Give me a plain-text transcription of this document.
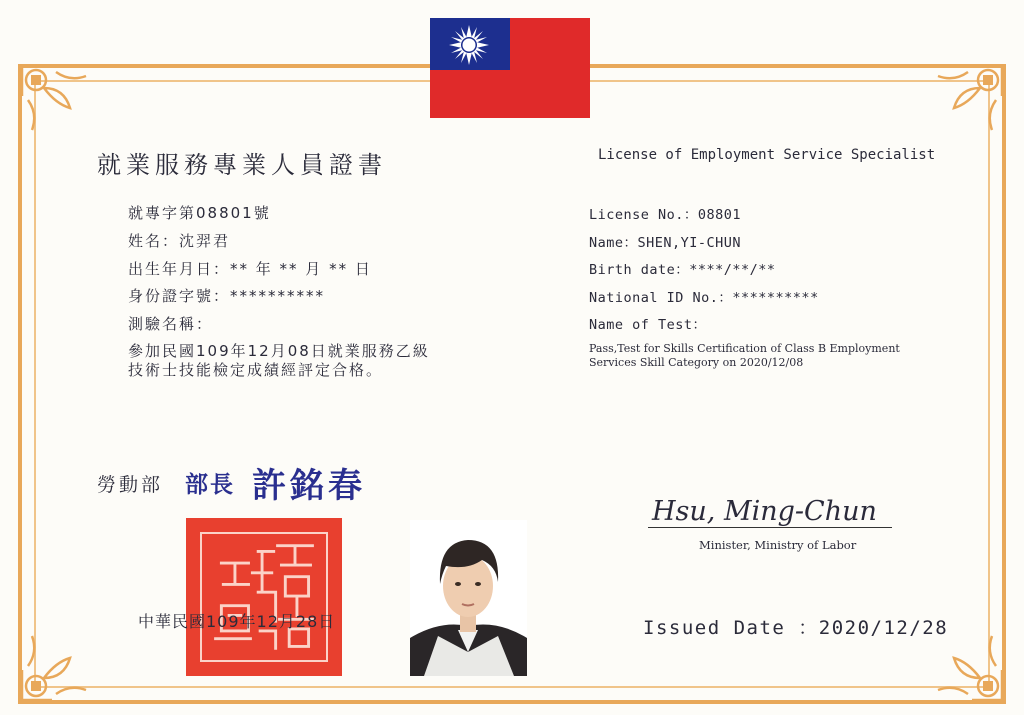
就業服務專業人員證書	License of Employment Service Specialist
就專字第08801號
姓名：沈羿君
出生年月日：** 年 ** 月 ** 日
身份證字號：**********
測驗名稱：
參加民國109年12月08日就業服務乙級
技術士技能檢定成績經評定合格。
License No.：08801
Name：SHEN,YI-CHUN
Birth date：****/**/**
National ID No.：**********
Name of Test：
Pass,Test for Skills Certification of Class B Employment
Services Skill Category on 2020/12/08
勞動部 部長 許銘春
中華民國109年12月28日
Hsu, Ming-Chun
Minister, Ministry of Labor
Issued Date ：2020/12/28
